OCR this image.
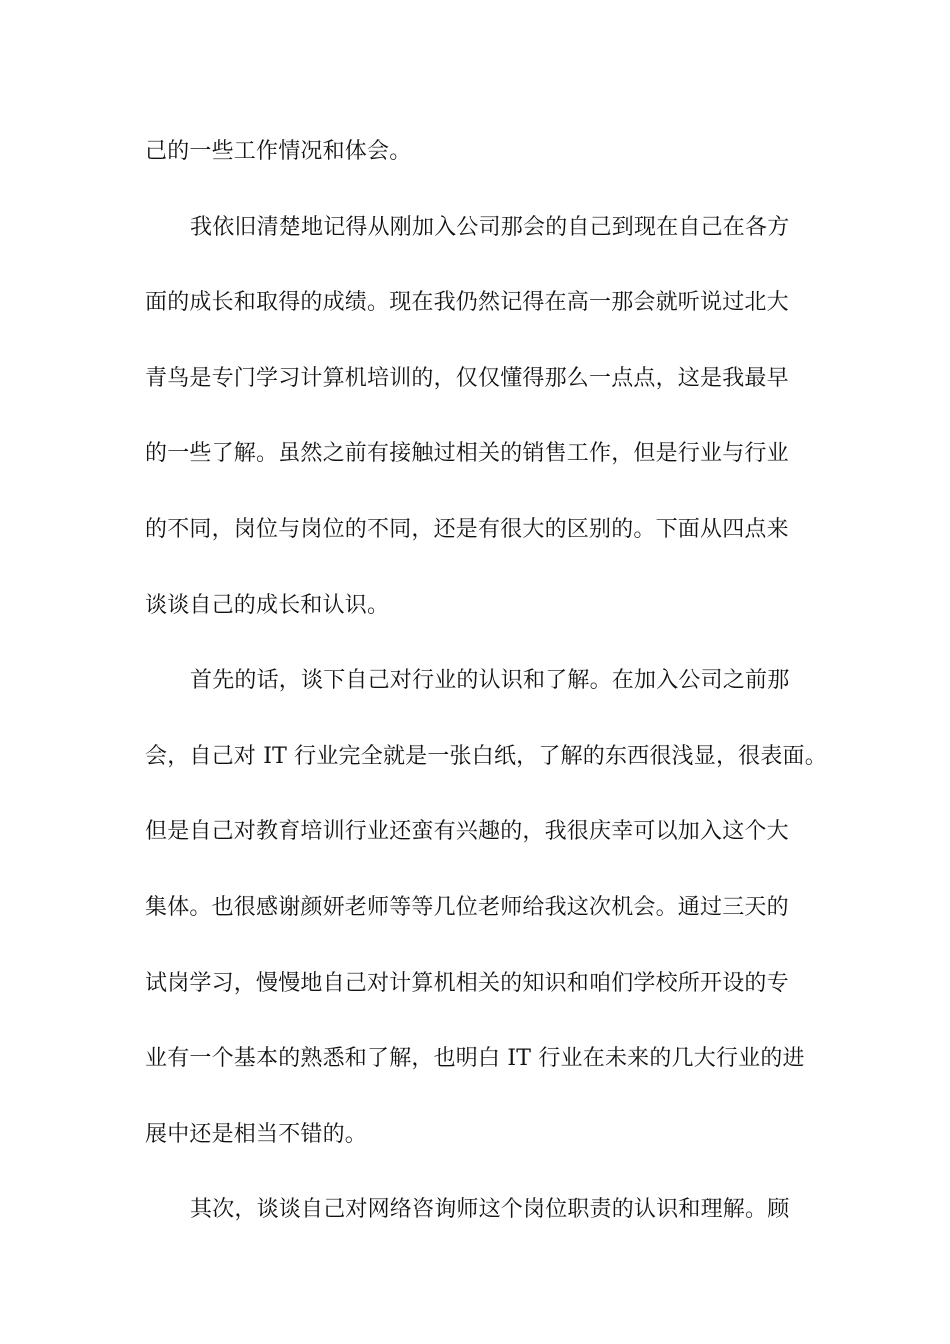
己的一些工作情况和体会。
我依旧清楚地记得从刚加入公司那会的自己到现在自己在各方
面的成长和取得的成绩。现在我仍然记得在高一那会就听说过北大
青鸟是专门学习计算机培训的，仅仅懂得那么一点点，这是我最早
的一些了解。虽然之前有接触过相关的销售工作，但是行业与行业
的不同，岗位与岗位的不同，还是有很大的区别的。下面从四点来
谈谈自己的成长和认识。
首先的话，谈下自己对行业的认识和了解。在加入公司之前那
会，自己对 IT 行业完全就是一张白纸，了解的东西很浅显，很表面。
但是自己对教育培训行业还蛮有兴趣的，我很庆幸可以加入这个大
集体。也很感谢颜妍老师等等几位老师给我这次机会。通过三天的
试岗学习，慢慢地自己对计算机相关的知识和咱们学校所开设的专
业有一个基本的熟悉和了解，也明白 IT 行业在未来的几大行业的进
展中还是相当不错的。
其次，谈谈自己对网络咨询师这个岗位职责的认识和理解。顾
